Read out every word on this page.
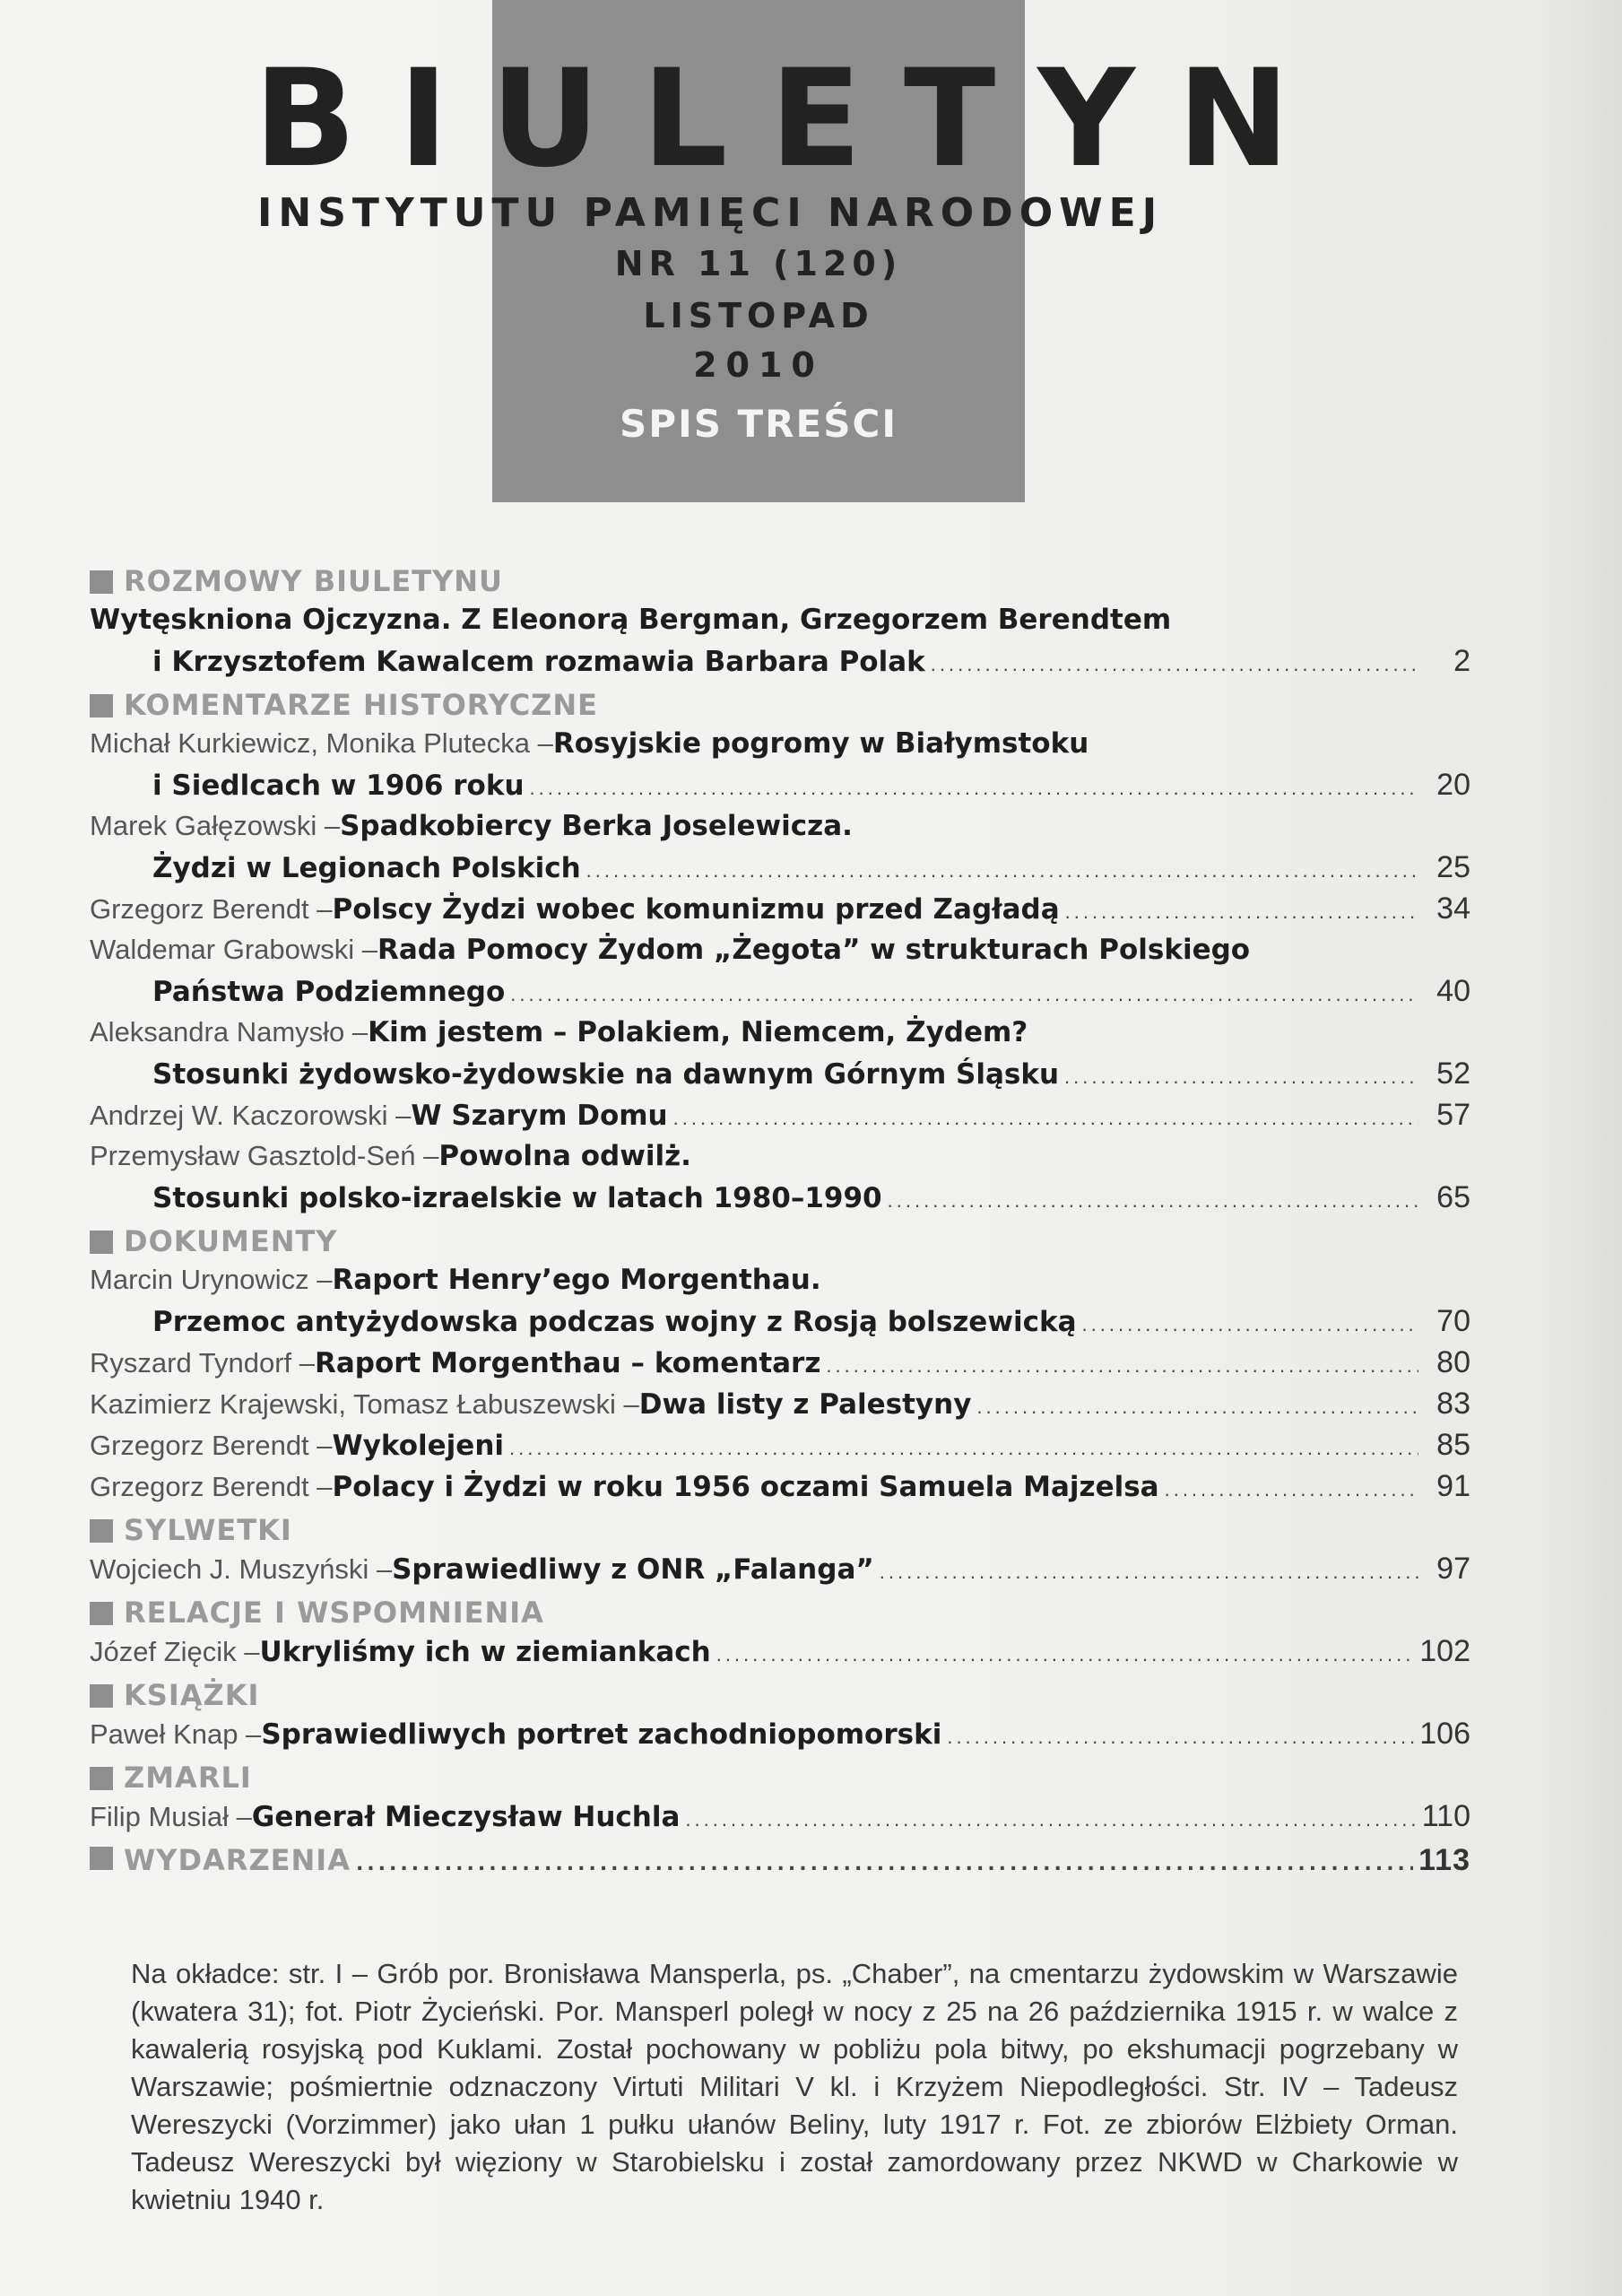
BIULETYN
INSTYTUTU PAMIĘCI NARODOWEJ
NR 11 (120)
LISTOPAD
2010
SPIS TREŚCI
ROZMOWY BIULETYNU
Wytęskniona Ojczyzna. Z Eleonorą Bergman, Grzegorzem Berendtem
i Krzysztofem Kawalcem rozmawia Barbara Polak .....	2
KOMENTARZE HISTORYCZNE
Michał Kurkiewicz, Monika Plutecka – Rosyjskie pogromy w Białymstoku
i Siedlcach w 1906 roku .....	20
Marek Gałęzowski – Spadkobiercy Berka Joselewicza.
Żydzi w Legionach Polskich .....	25
Grzegorz Berendt – Polscy Żydzi wobec komunizmu przed Zagładą .....	34
Waldemar Grabowski – Rada Pomocy Żydom „Żegota” w strukturach Polskiego
Państwa Podziemnego .....	40
Aleksandra Namysło – Kim jestem – Polakiem, Niemcem, Żydem?
Stosunki żydowsko-żydowskie na dawnym Górnym Śląsku .....	52
Andrzej W. Kaczorowski – W Szarym Domu .....	57
Przemysław Gasztold-Seń – Powolna odwilż.
Stosunki polsko-izraelskie w latach 1980–1990 .....	65
DOKUMENTY
Marcin Urynowicz – Raport Henry’ego Morgenthau.
Przemoc antyżydowska podczas wojny z Rosją bolszewicką .....	70
Ryszard Tyndorf – Raport Morgenthau – komentarz .....	80
Kazimierz Krajewski, Tomasz Łabuszewski – Dwa listy z Palestyny .....	83
Grzegorz Berendt – Wykolejeni .....	85
Grzegorz Berendt – Polacy i Żydzi w roku 1956 oczami Samuela Majzelsa .....	91
SYLWETKI
Wojciech J. Muszyński – Sprawiedliwy z ONR „Falanga” .....	97
RELACJE I WSPOMNIENIA
Józef Zięcik – Ukryliśmy ich w ziemiankach .....	102
KSIĄŻKI
Paweł Knap – Sprawiedliwych portret zachodniopomorski .....	106
ZMARLI
Filip Musiał – Generał Mieczysław Huchla .....	110
WYDARZENIA .....	113
Na okładce: str. I – Grób por. Bronisława Mansperla, ps. „Chaber”, na cmentarzu żydowskim w Warszawie (kwatera 31); fot. Piotr Życieński. Por. Mansperl poległ w nocy z 25 na 26 października 1915 r. w walce z kawalerią rosyjską pod Kuklami. Został pochowany w pobliżu pola bitwy, po ekshumacji pogrzebany w Warszawie; pośmiertnie odznaczony Virtuti Militari V kl. i Krzyżem Niepodległości. Str. IV – Tadeusz Wereszycki (Vorzimmer) jako ułan 1 pułku ułanów Beliny, luty 1917 r. Fot. ze zbiorów Elżbiety Orman. Tadeusz Wereszycki był więziony w Starobielsku i został zamordowany przez NKWD w Charkowie w kwietniu 1940 r.
